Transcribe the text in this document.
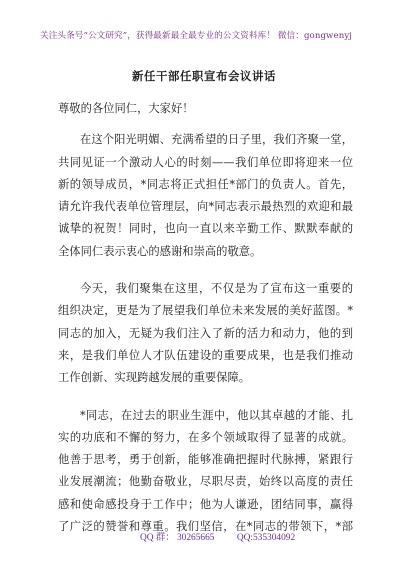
关注头条号“公文研究”，获得最新最全最专业的公文资料库！ 微信：gongwenyj
新任干部任职宣布会议讲话
尊敬的各位同仁，大家好！
在这个阳光明媚、充满希望的日子里，我们齐聚一堂，
共同见证一个激动人心的时刻——我们单位即将迎来一位
新的领导成员，*同志将正式担任*部门的负责人。首先，
请允许我代表单位管理层，向*同志表示最热烈的欢迎和最
诚挚的祝贺！同时，也向一直以来辛勤工作、默默奉献的
全体同仁表示衷心的感谢和崇高的敬意。
今天，我们聚集在这里，不仅是为了宣布这一重要的
组织决定，更是为了展望我们单位未来发展的美好蓝图。*
同志的加入，无疑为我们注入了新的活力和动力，他的到
来，是我们单位人才队伍建设的重要成果，也是我们推动
工作创新、实现跨越发展的重要保障。
*同志，在过去的职业生涯中，他以其卓越的才能、扎
实的功底和不懈的努力，在多个领域取得了显著的成就。
他善于思考，勇于创新，能够准确把握时代脉搏，紧跟行
业发展潮流；他勤奋敬业，尽职尽责，始终以高度的责任
感和使命感投身于工作中；他为人谦逊，团结同事，赢得
了广泛的赞誉和尊重。我们坚信，在*同志的带领下，*部
QQ 群： 30265665 QQ:535304092
